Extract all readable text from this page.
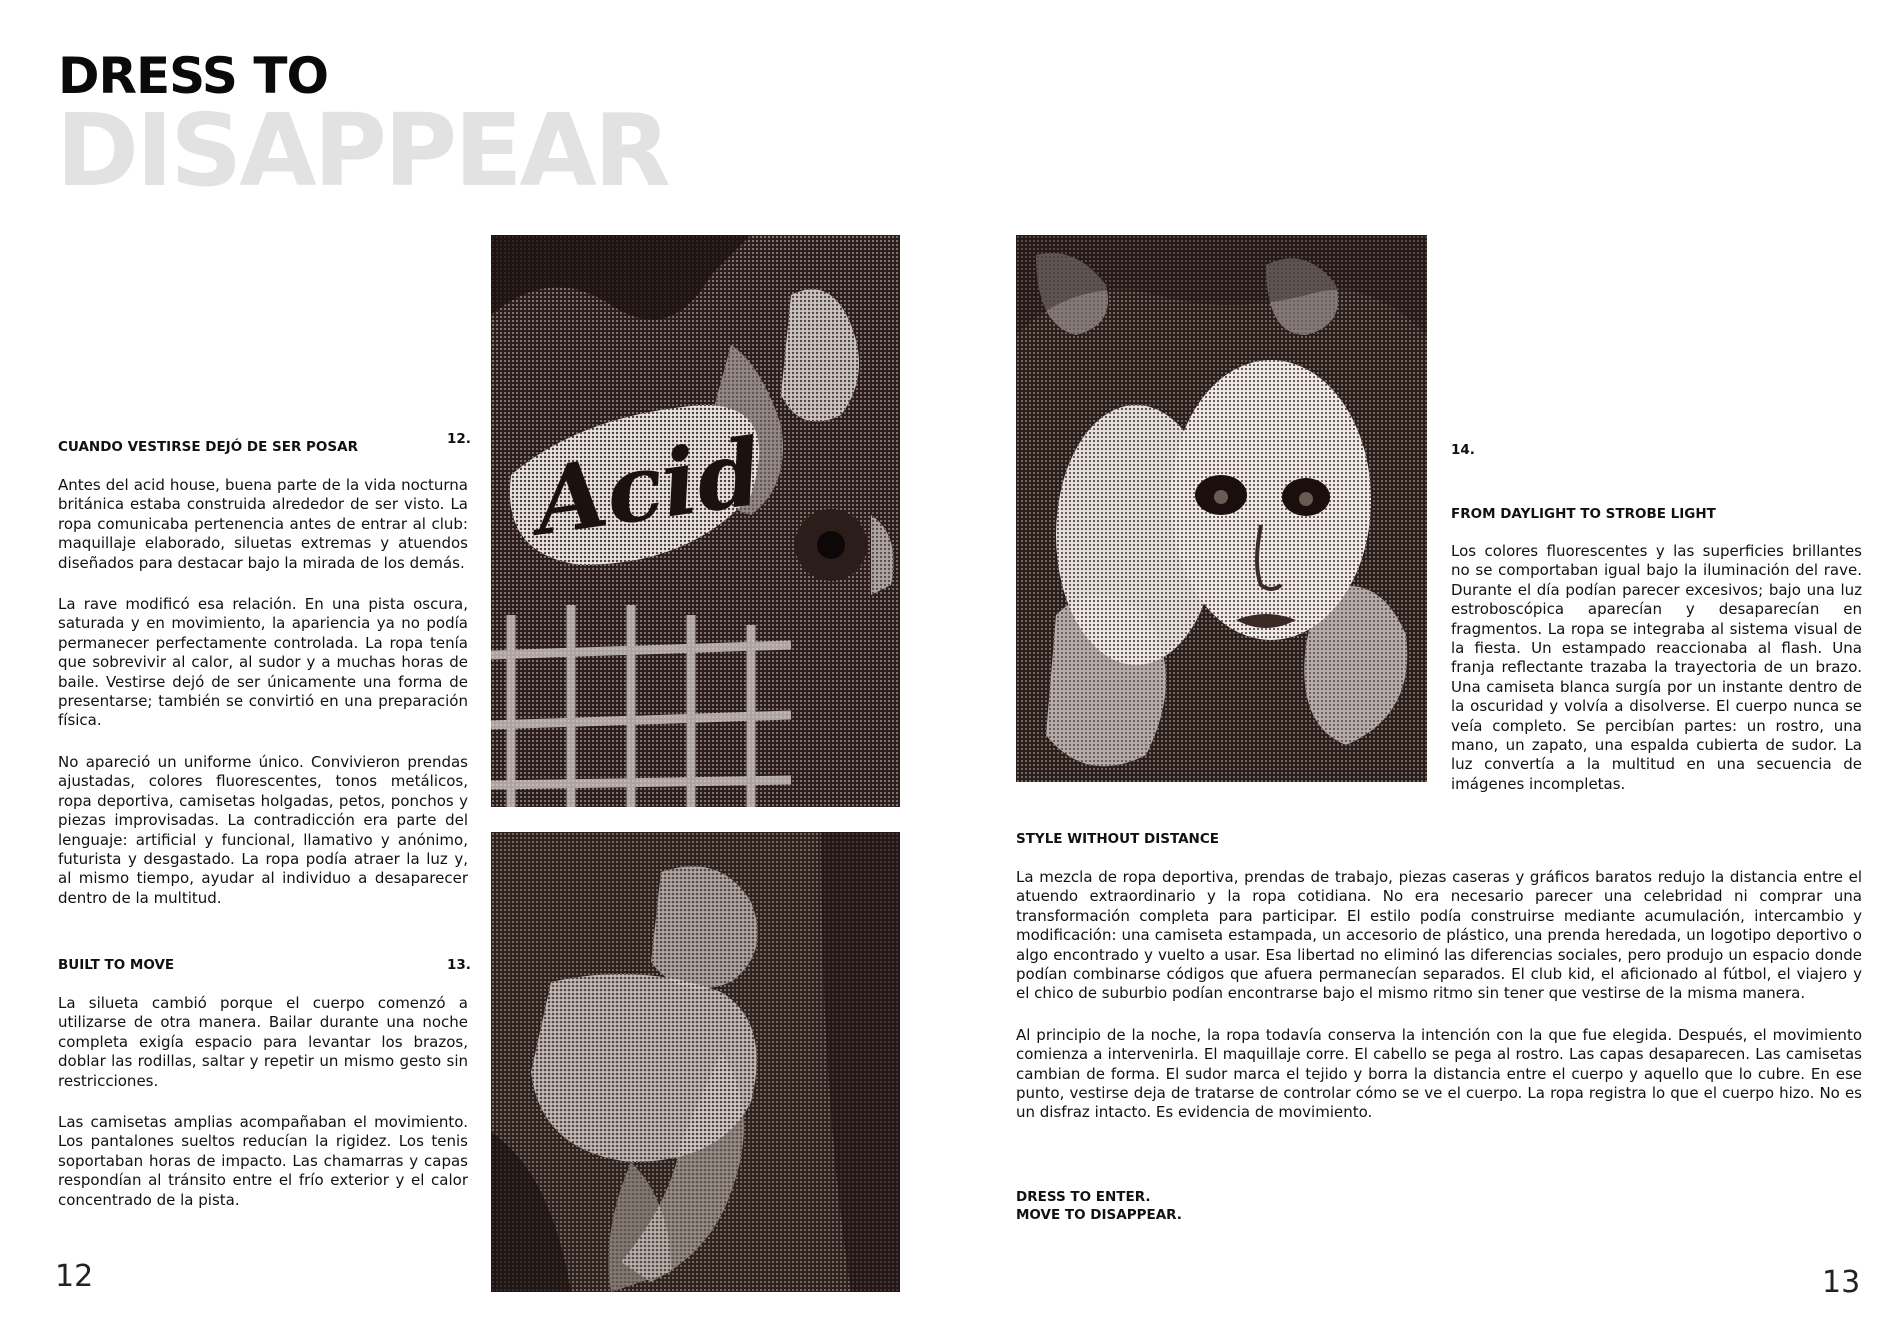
DRESS TO
DISAPPEAR
CUANDO VESTIRSE DEJÓ DE SER POSAR	12.

Antes del acid house, buena parte de la vida nocturna británica estaba construida alrededor de ser visto. La ropa comunicaba pertenencia antes de entrar al club: maquillaje elaborado, siluetas extremas y atuendos diseñados para destacar bajo la mirada de los demás.

La rave modificó esa relación. En una pista oscura, saturada y en movimiento, la apariencia ya no podía permanecer perfectamente controlada. La ropa tenía que sobrevivir al calor, al sudor y a muchas horas de baile. Vestirse dejó de ser únicamente una forma de presentarse; también se convirtió en una preparación física.

No apareció un uniforme único. Convivieron prendas ajustadas, colores fluorescentes, tonos metálicos, ropa deportiva, camisetas holgadas, petos, ponchos y piezas improvisadas. La contradicción era parte del lenguaje: artificial y funcional, llamativo y anónimo, futurista y desgastado. La ropa podía atraer la luz y, al mismo tiempo, ayudar al individuo a desaparecer dentro de la multitud.

BUILT TO MOVE	13.

La silueta cambió porque el cuerpo comenzó a utilizarse de otra manera. Bailar durante una noche completa exigía espacio para levantar los brazos, doblar las rodillas, saltar y repetir un mismo gesto sin restricciones.

Las camisetas amplias acompañaban el movimiento. Los pantalones sueltos reducían la rigidez. Los tenis soportaban horas de impacto. Las chamarras y capas respondían al tránsito entre el frío exterior y el calor concentrado de la pista.

12
Acid	14.
FROM DAYLIGHT TO STROBE LIGHT

Los colores fluorescentes y las superficies brillantes no se comportaban igual bajo la iluminación del rave. Durante el día podían parecer excesivos; bajo una luz estroboscópica aparecían y desaparecían en fragmentos. La ropa se integraba al sistema visual de la fiesta. Un estampado reaccionaba al flash. Una franja reflectante trazaba la trayectoria de un brazo. Una camiseta blanca surgía por un instante dentro de la oscuridad y volvía a disolverse. El cuerpo nunca se veía completo. Se percibían partes: un rostro, una mano, un zapato, una espalda cubierta de sudor. La luz convertía a la multitud en una secuencia de imágenes incompletas.

STYLE WITHOUT DISTANCE

La mezcla de ropa deportiva, prendas de trabajo, piezas caseras y gráficos baratos redujo la distancia entre el atuendo extraordinario y la ropa cotidiana. No era necesario parecer una celebridad ni comprar una transformación completa para participar. El estilo podía construirse mediante acumulación, intercambio y modificación: una camiseta estampada, un accesorio de plástico, una prenda heredada, un logotipo deportivo o algo encontrado y vuelto a usar. Esa libertad no eliminó las diferencias sociales, pero produjo un espacio donde podían combinarse códigos que afuera permanecían separados. El club kid, el aficionado al fútbol, el viajero y el chico de suburbio podían encontrarse bajo el mismo ritmo sin tener que vestirse de la misma manera.

Al principio de la noche, la ropa todavía conserva la intención con la que fue elegida. Después, el movimiento comienza a intervenirla. El maquillaje corre. El cabello se pega al rostro. Las capas desaparecen. Las camisetas cambian de forma. El sudor marca el tejido y borra la distancia entre el cuerpo y aquello que lo cubre. En ese punto, vestirse deja de tratarse de controlar cómo se ve el cuerpo. La ropa registra lo que el cuerpo hizo. No es un disfraz intacto. Es evidencia de movimiento.

DRESS TO ENTER.
MOVE TO DISAPPEAR.
13
